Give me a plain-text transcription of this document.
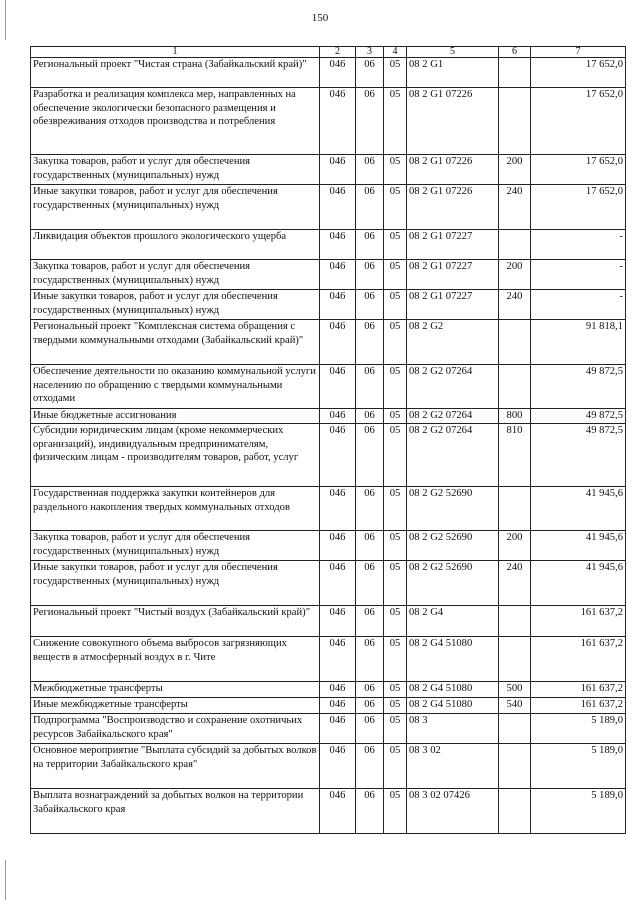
150
1	2	3	4	5	6	7
Региональный проект "Чистая страна (Забайкальский край)"	046	06	05	08 2 G1		17 652,0
Разработка и реализация комплекса мер, направленных на обеспечение экологически безопасного размещения и обезвреживания отходов производства и потребления	046	06	05	08 2 G1 07226		17 652,0
Закупка товаров, работ и услуг для обеспечения государственных (муниципальных) нужд	046	06	05	08 2 G1 07226	200	17 652,0
Иные закупки товаров, работ и услуг для обеспечения государственных (муниципальных) нужд	046	06	05	08 2 G1 07226	240	17 652,0
Ликвидация объектов прошлого экологического ущерба	046	06	05	08 2 G1 07227		-
Закупка товаров, работ и услуг для обеспечения государственных (муниципальных) нужд	046	06	05	08 2 G1 07227	200	-
Иные закупки товаров, работ и услуг для обеспечения государственных (муниципальных) нужд	046	06	05	08 2 G1 07227	240	-
Региональный проект "Комплексная система обращения с твердыми коммунальными отходами (Забайкальский край)"	046	06	05	08 2 G2		91 818,1
Обеспечение деятельности по оказанию коммунальной услуги населению по обращению с твердыми коммунальными отходами	046	06	05	08 2 G2 07264		49 872,5
Иные бюджетные ассигнования	046	06	05	08 2 G2 07264	800	49 872,5
Субсидии юридическим лицам (кроме некоммерческих организаций), индивидуальным предпринимателям, физическим лицам - производителям товаров, работ, услуг	046	06	05	08 2 G2 07264	810	49 872,5
Государственная поддержка закупки контейнеров для раздельного накопления твердых коммунальных отходов	046	06	05	08 2 G2 52690		41 945,6
Закупка товаров, работ и услуг для обеспечения государственных (муниципальных) нужд	046	06	05	08 2 G2 52690	200	41 945,6
Иные закупки товаров, работ и услуг для обеспечения государственных (муниципальных) нужд	046	06	05	08 2 G2 52690	240	41 945,6
Региональный проект "Чистый воздух (Забайкальский край)"	046	06	05	08 2 G4		161 637,2
Снижение совокупного объема выбросов загрязняющих веществ в атмосферный воздух в г. Чите	046	06	05	08 2 G4 51080		161 637,2
Межбюджетные трансферты	046	06	05	08 2 G4 51080	500	161 637,2
Иные межбюджетные трансферты	046	06	05	08 2 G4 51080	540	161 637,2
Подпрограмма "Воспроизводство и сохранение охотничьих ресурсов Забайкальского края"	046	06	05	08 3		5 189,0
Основное мероприятие "Выплата субсидий за добытых волков на территории Забайкальского края"	046	06	05	08 3 02		5 189,0
Выплата вознаграждений за добытых волков на территории Забайкальского края	046	06	05	08 3 02 07426		5 189,0
